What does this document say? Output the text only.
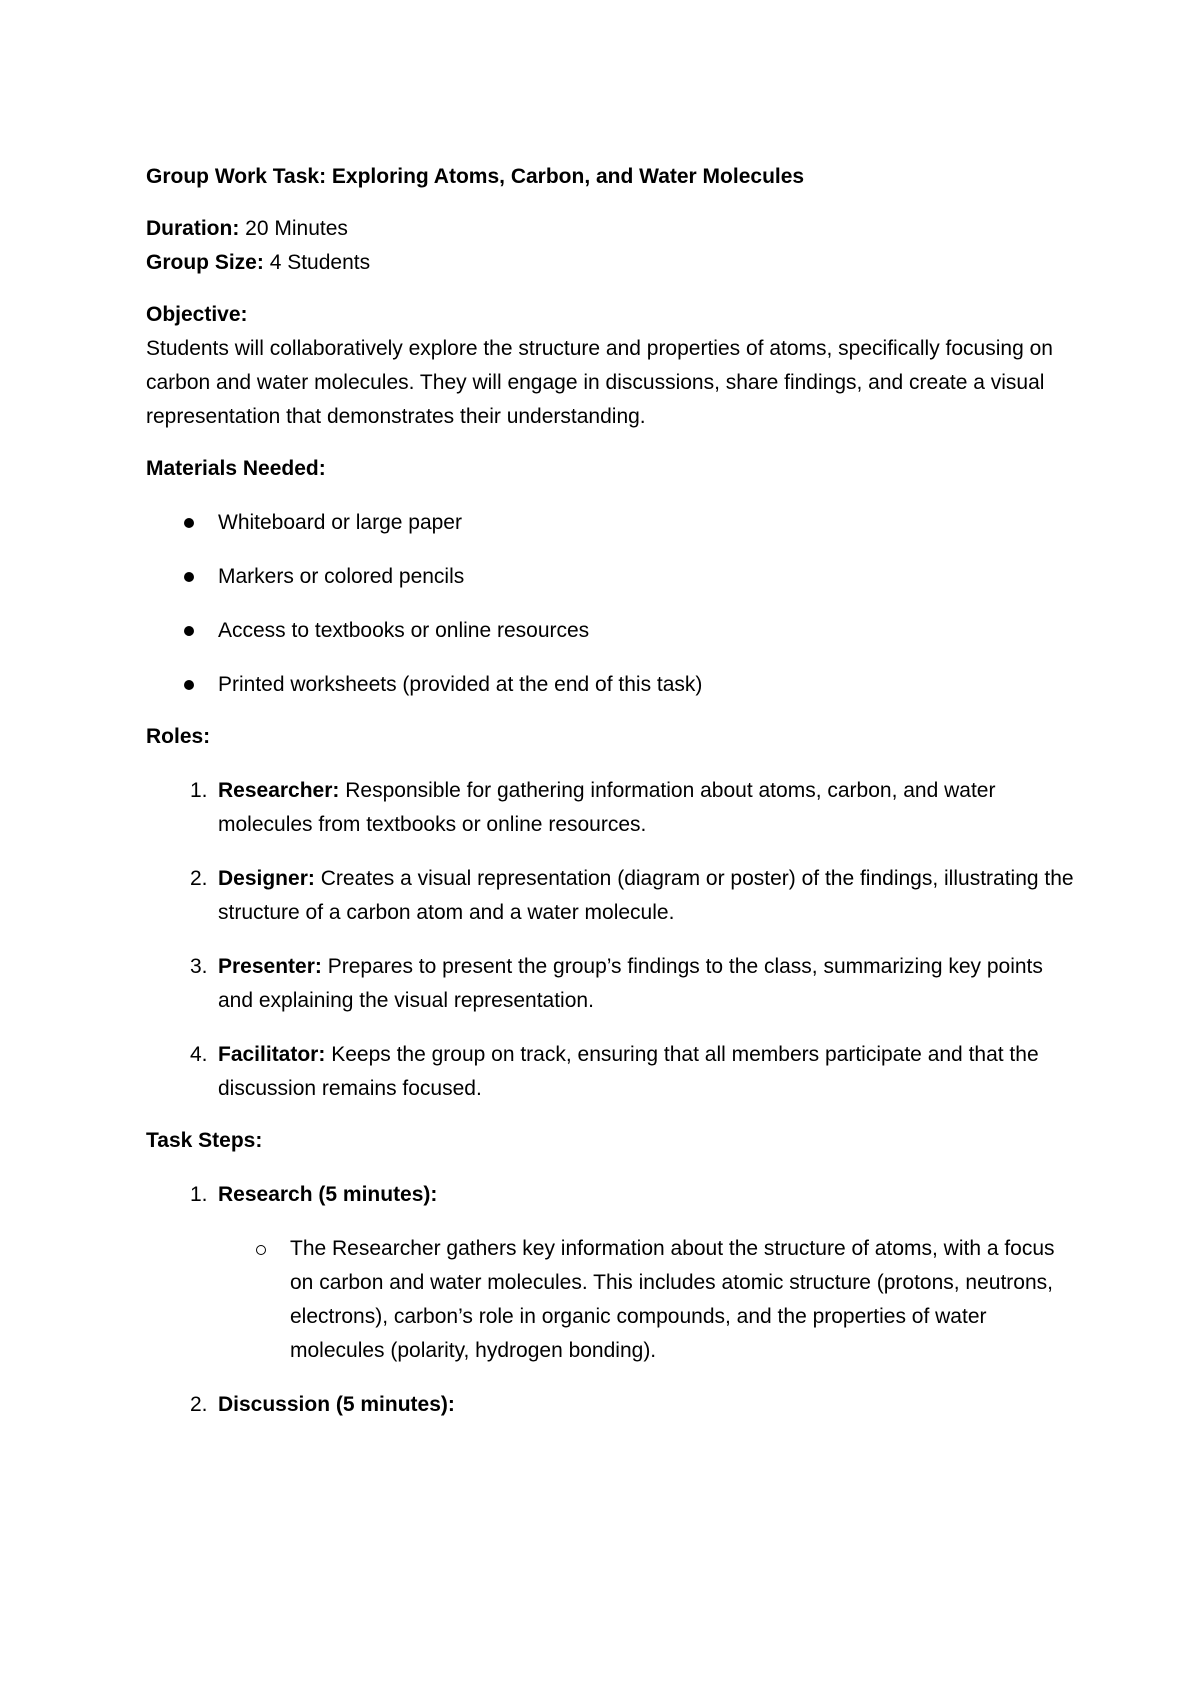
Group Work Task: Exploring Atoms, Carbon, and Water Molecules

Duration: 20 Minutes

Group Size: 4 Students

Objective:

Students will collaboratively explore the structure and properties of atoms, specifically focusing on carbon and water molecules. They will engage in discussions, share findings, and create a visual representation that demonstrates their understanding.

Materials Needed:

Whiteboard or large paper
Markers or colored pencils
Access to textbooks or online resources
Printed worksheets (provided at the end of this task)

Roles:

1. Researcher: Responsible for gathering information about atoms, carbon, and water molecules from textbooks or online resources.
2. Designer: Creates a visual representation (diagram or poster) of the findings, illustrating the structure of a carbon atom and a water molecule.
3. Presenter: Prepares to present the group’s findings to the class, summarizing key points and explaining the visual representation.
4. Facilitator: Keeps the group on track, ensuring that all members participate and that the discussion remains focused.

Task Steps:

1. Research (5 minutes):
The Researcher gathers key information about the structure of atoms, with a focus on carbon and water molecules. This includes atomic structure (protons, neutrons, electrons), carbon’s role in organic compounds, and the properties of water molecules (polarity, hydrogen bonding).
2. Discussion (5 minutes):
